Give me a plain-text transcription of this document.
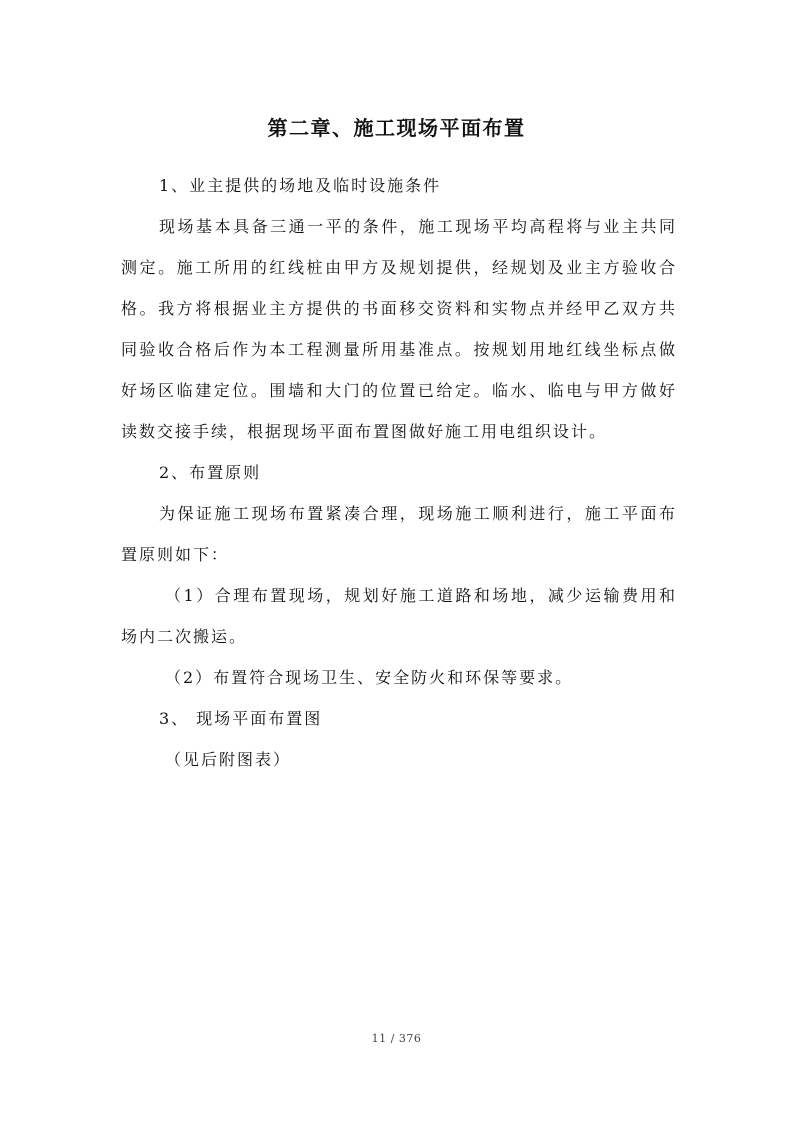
第二章、施工现场平面布置

1、业主提供的场地及临时设施条件

现场基本具备三通一平的条件，施工现场平均高程将与业主共同测定。施工所用的红线桩由甲方及规划提供，经规划及业主方验收合格。我方将根据业主方提供的书面移交资料和实物点并经甲乙双方共同验收合格后作为本工程测量所用基准点。按规划用地红线坐标点做好场区临建定位。围墙和大门的位置已给定。临水、临电与甲方做好读数交接手续，根据现场平面布置图做好施工用电组织设计。

2、布置原则

为保证施工现场布置紧凑合理，现场施工顺利进行，施工平面布置原则如下：

（1）合理布置现场，规划好施工道路和场地，减少运输费用和场内二次搬运。

（2）布置符合现场卫生、安全防火和环保等要求。

3、 现场平面布置图

（见后附图表）

11 / 376
